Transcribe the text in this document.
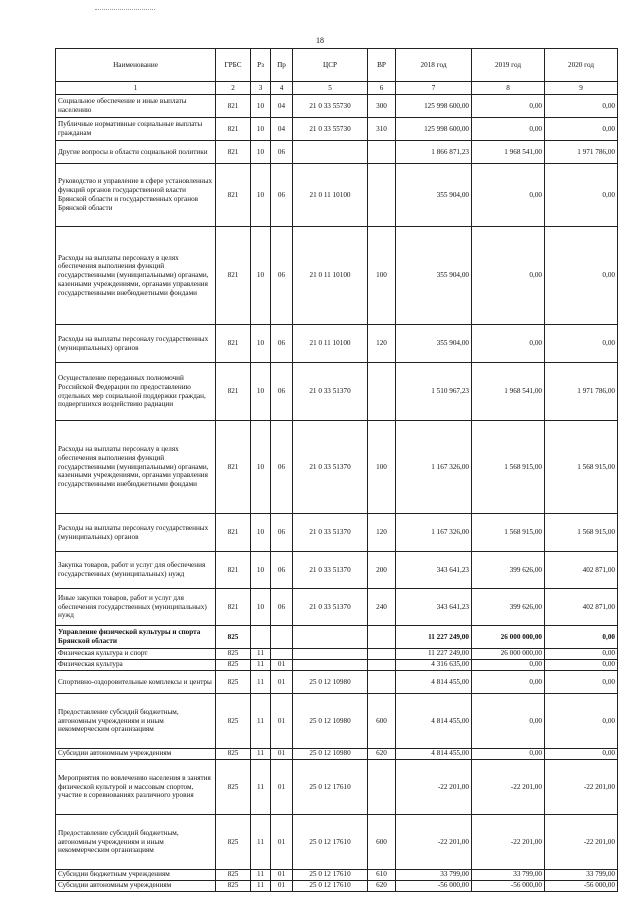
18
Наименование	ГРБС	Рз	Пр	ЦСР	ВР	2018 год	2019 год	2020 год
1	2	3	4	5	6	7	8	9
Социальное обеспечение и иные выплаты населению	821	10	04	21 0 33 55730	300	125 998 600,00	0,00	0,00
Публичные нормативные социальные выплаты гражданам	821	10	04	21 0 33 55730	310	125 998 600,00	0,00	0,00
Другие вопросы в области социальной политики	821	10	06			1 866 871,23	1 968 541,00	1 971 786,00
Руководство и управление в сфере установленных функций органов государственной власти Брянской области и государственных органов Брянской области	821	10	06	21 0 11 10100		355 904,00	0,00	0,00
Расходы на выплаты персоналу в целях обеспечения выполнения функций государственными (муниципальными) органами, казенными учреждениями, органами управления государственными внебюджетными фондами	821	10	06	21 0 11 10100	100	355 904,00	0,00	0,00
Расходы на выплаты персоналу государственных (муниципальных) органов	821	10	06	21 0 11 10100	120	355 904,00	0,00	0,00
Осуществление переданных полномочий Российской Федерации по предоставлению отдельных мер социальной поддержки граждан, подвергшихся воздействию радиации	821	10	06	21 0 33 51370		1 510 967,23	1 968 541,00	1 971 786,00
Расходы на выплаты персоналу в целях обеспечения выполнения функций государственными (муниципальными) органами, казенными учреждениями, органами управления государственными внебюджетными фондами	821	10	06	21 0 33 51370	100	1 167 326,00	1 568 915,00	1 568 915,00
Расходы на выплаты персоналу государственных (муниципальных) органов	821	10	06	21 0 33 51370	120	1 167 326,00	1 568 915,00	1 568 915,00
Закупка товаров, работ и услуг для обеспечения государственных (муниципальных) нужд	821	10	06	21 0 33 51370	200	343 641,23	399 626,00	402 871,00
Иные закупки товаров, работ и услуг для обеспечения государственных (муниципальных) нужд	821	10	06	21 0 33 51370	240	343 641,23	399 626,00	402 871,00
Управление физической культуры и спорта Брянской области	825					11 227 249,00	26 000 000,00	0,00
Физическая культура и спорт	825	11				11 227 249,00	26 000 000,00	0,00
Физическая культура	825	11	01			4 316 635,00	0,00	0,00
Спортивно-оздоровительные комплексы и центры	825	11	01	25 0 12 10980		4 814 455,00	0,00	0,00
Предоставление субсидий бюджетным, автономным учреждениям и иным некоммерческим организациям	825	11	01	25 0 12 10980	600	4 814 455,00	0,00	0,00
Субсидии автономным учреждениям	825	11	01	25 0 12 10980	620	4 814 455,00	0,00	0,00
Мероприятия по вовлечению населения в занятия физической культурой и массовым спортом, участие в соревнованиях различного уровня	825	11	01	25 0 12 17610		-22 201,00	-22 201,00	-22 201,00
Предоставление субсидий бюджетным, автономным учреждениям и иным некоммерческим организациям	825	11	01	25 0 12 17610	600	-22 201,00	-22 201,00	-22 201,00
Субсидии бюджетным учреждениям	825	11	01	25 0 12 17610	610	33 799,00	33 799,00	33 799,00
Субсидии автономным учреждениям	825	11	01	25 0 12 17610	620	-56 000,00	-56 000,00	-56 000,00
